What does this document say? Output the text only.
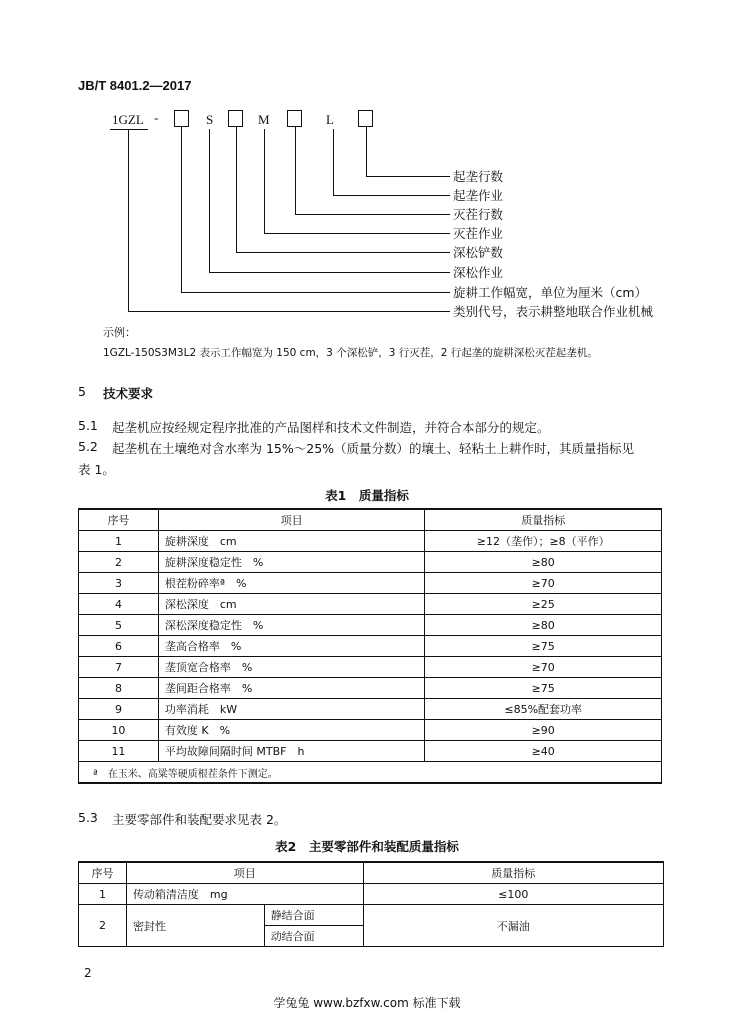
JB/T 8401.2—2017
1GZL -	S	M	L
起垄行数
起垄作业
灭茬行数
灭茬作业
深松铲数
深松作业
旋耕工作幅宽，单位为厘米（cm）
类别代号，表示耕整地联合作业机械
示例：
1GZL-150S3M3L2 表示工作幅宽为 150 cm，3 个深松铲，3 行灭茬，2 行起垄的旋耕深松灭茬起垄机。
5 技术要求
5.1 起垄机应按经规定程序批准的产品图样和技术文件制造，并符合本部分的规定。
5.2 起垄机在土壤绝对含水率为 15%～25%（质量分数）的壤土、轻粘土上耕作时，其质量指标见
表 1。
表1　质量指标
序号	项目	质量指标
1	旋耕深度　cm	≥12（垄作）；≥8（平作）
2	旋耕深度稳定性　%	≥80
3	根茬粉碎率ª　%	≥70
4	深松深度　cm	≥25
5	深松深度稳定性　%	≥80
6	垄高合格率　%	≥75
7	垄顶宽合格率　%	≥70
8	垄间距合格率　%	≥75
9	功率消耗　kW	≤85%配套功率
10	有效度 K　%	≥90
11	平均故障间隔时间 MTBF　h	≥40
ª　在玉米、高粱等硬质根茬条件下测定。		
5.3 主要零部件和装配要求见表 2。
表2　主要零部件和装配质量指标
序号	项目		质量指标
1	传动箱清洁度　mg		≤100
2	密封性	静结合面	不漏油
		动结合面	
2
学兔兔 www.bzfxw.com 标准下载
